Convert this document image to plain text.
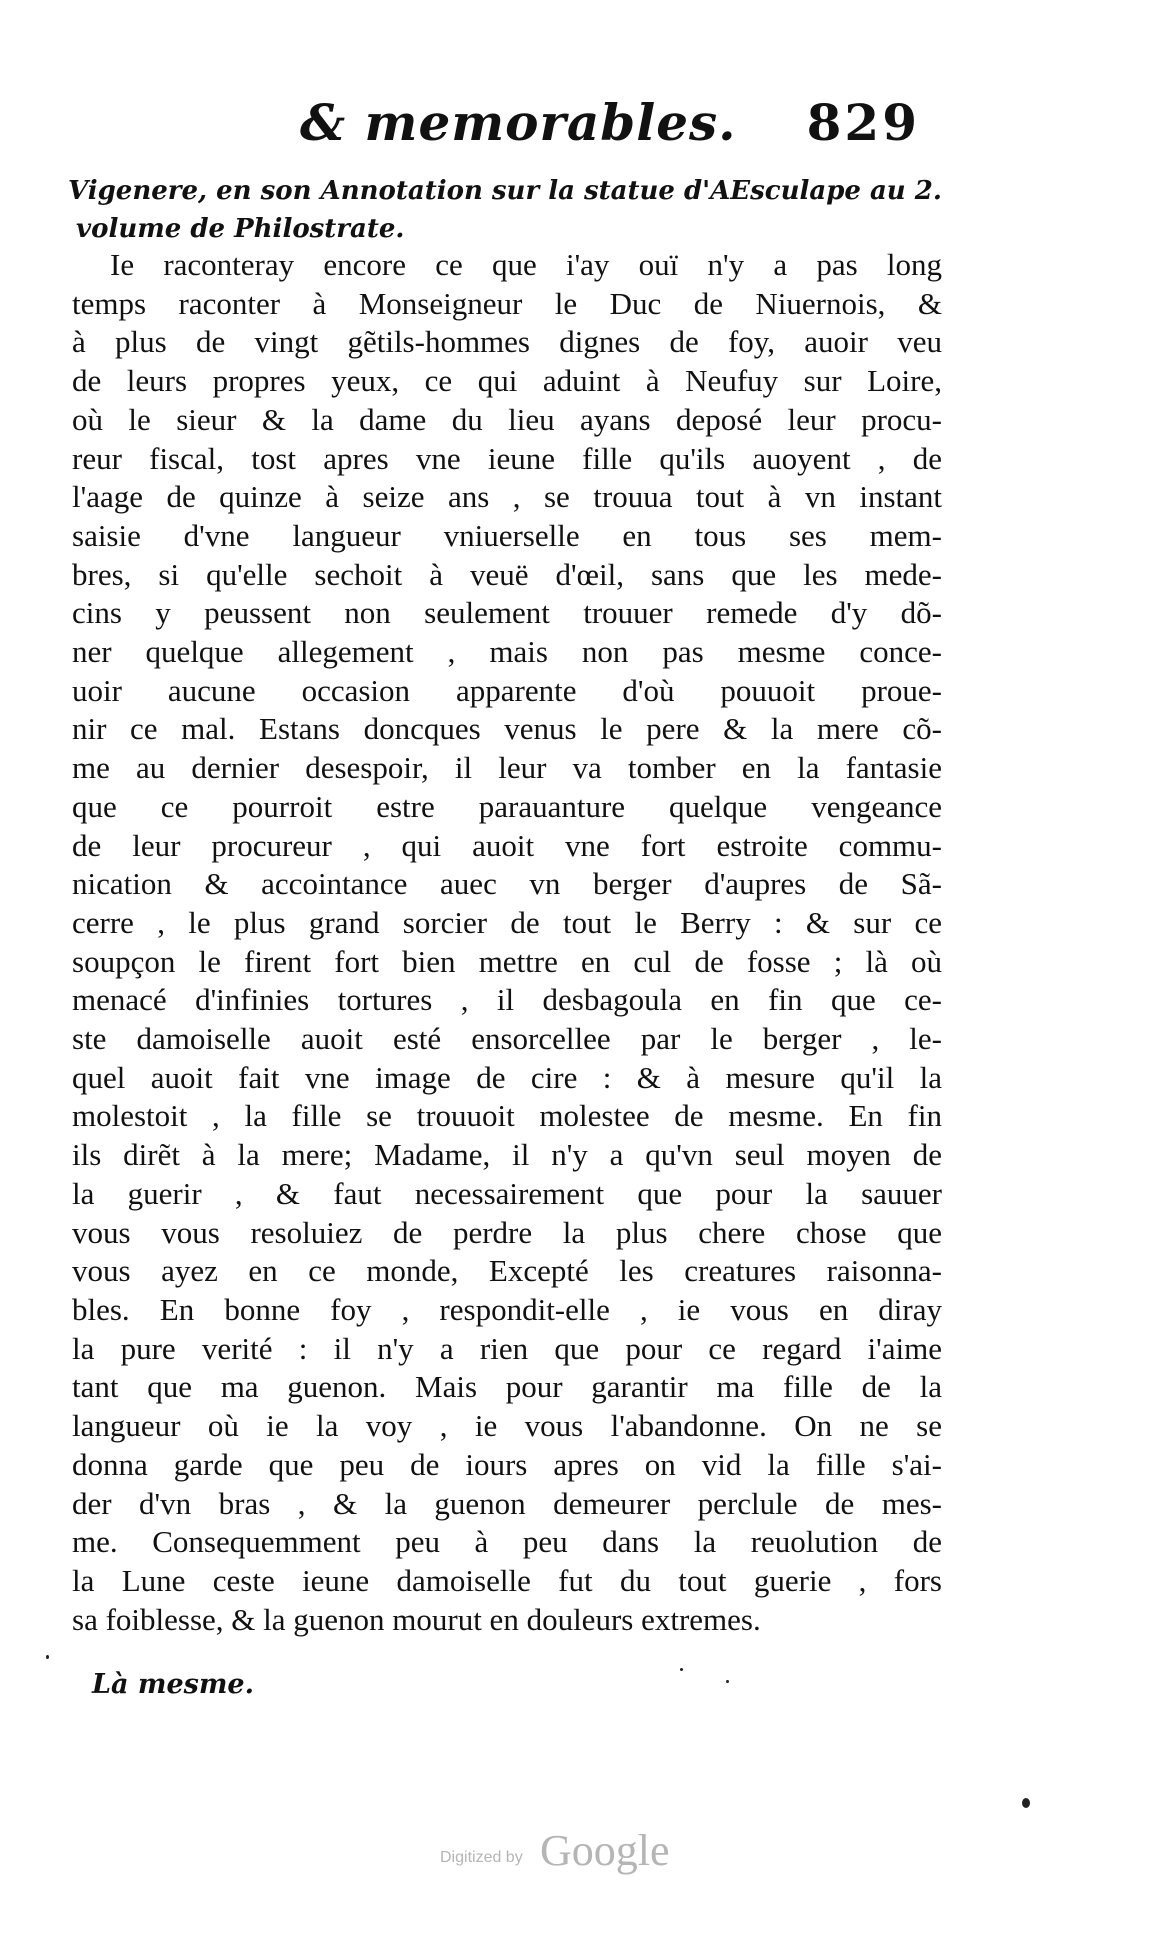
& memorables. 829
Vigenere, en son Annotation sur la statue d'AEsculape au 2.
volume de Philostrate.
Ie raconteray encore ce que i'ay ouï n'y a pas long
temps raconter à Monseigneur le Duc de Niuernois, &
à plus de vingt gẽtils-hommes dignes de foy, auoir veu
de leurs propres yeux, ce qui aduint à Neufuy sur Loire,
où le sieur & la dame du lieu ayans deposé leur procu-
reur fiscal, tost apres vne ieune fille qu'ils auoyent , de
l'aage de quinze à seize ans , se trouua tout à vn instant
saisie d'vne langueur vniuerselle en tous ses mem-
bres, si qu'elle sechoit à veuë d'œil, sans que les mede-
cins y peussent non seulement trouuer remede d'y dõ-
ner quelque allegement , mais non pas mesme conce-
uoir aucune occasion apparente d'où pouuoit proue-
nir ce mal. Estans doncques venus le pere & la mere cõ-
me au dernier desespoir, il leur va tomber en la fantasie
que ce pourroit estre parauanture quelque vengeance
de leur procureur , qui auoit vne fort estroite commu-
nication & accointance auec vn berger d'aupres de Sã-
cerre , le plus grand sorcier de tout le Berry : & sur ce
soupçon le firent fort bien mettre en cul de fosse ; là où
menacé d'infinies tortures , il desbagoula en fin que ce-
ste damoiselle auoit esté ensorcellee par le berger , le-
quel auoit fait vne image de cire : & à mesure qu'il la
molestoit , la fille se trouuoit molestee de mesme. En fin
ils dirẽt à la mere; Madame, il n'y a qu'vn seul moyen de
la guerir , & faut necessairement que pour la sauuer
vous vous resoluiez de perdre la plus chere chose que
vous ayez en ce monde, Excepté les creatures raisonna-
bles. En bonne foy , respondit-elle , ie vous en diray
la pure verité : il n'y a rien que pour ce regard i'aime
tant que ma guenon. Mais pour garantir ma fille de la
langueur où ie la voy , ie vous l'abandonne. On ne se
donna garde que peu de iours apres on vid la fille s'ai-
der d'vn bras , & la guenon demeurer perclule de mes-
me. Consequemment peu à peu dans la reuolution de
la Lune ceste ieune damoiselle fut du tout guerie , fors
sa foiblesse, & la guenon mourut en douleurs extremes.
Là mesme.
Digitized by Google
